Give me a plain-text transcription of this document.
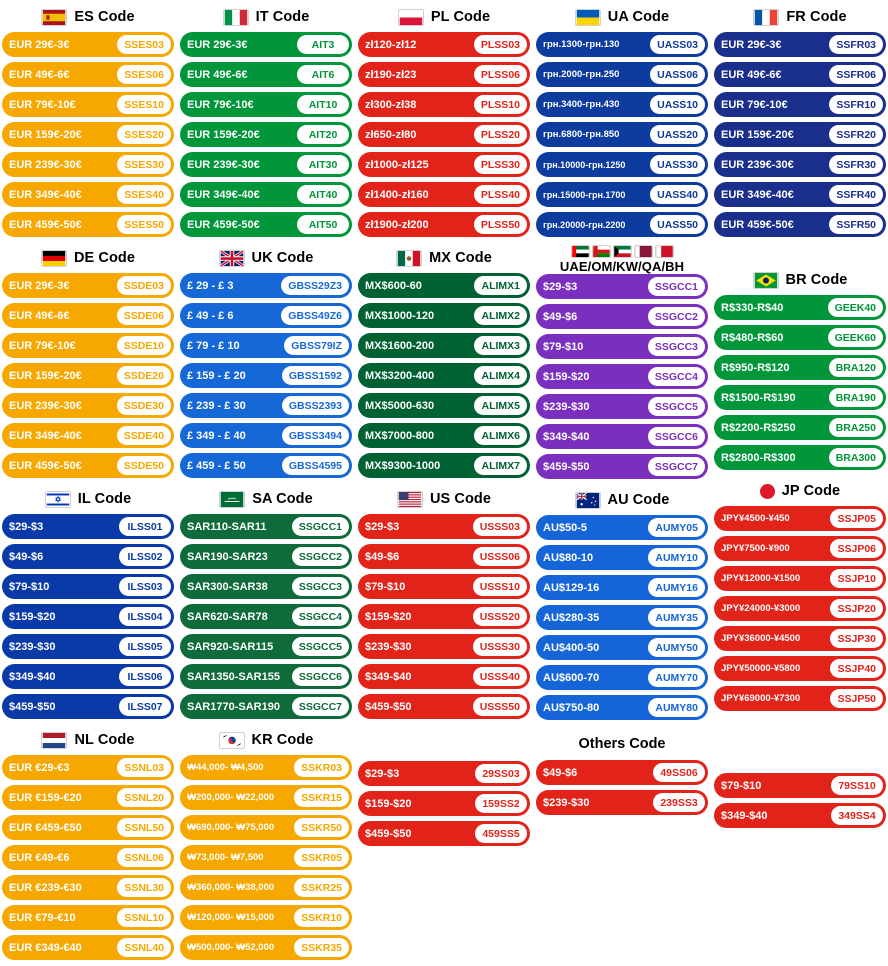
ES Code
EUR 29€-3€	SSES03
EUR 49€-6€	SSES06
EUR 79€-10€	SSES10
EUR 159€-20€	SSES20
EUR 239€-30€	SSES30
EUR 349€-40€	SSES40
EUR 459€-50€	SSES50
DE Code
EUR 29€-3€	SSDE03
EUR 49€-6€	SSDE06
EUR 79€-10€	SSDE10
EUR 159€-20€	SSDE20
EUR 239€-30€	SSDE30
EUR 349€-40€	SSDE40
EUR 459€-50€	SSDE50
IL Code
$29-$3	ILSS01
$49-$6	ILSS02
$79-$10	ILSS03
$159-$20	ILSS04
$239-$30	ILSS05
$349-$40	ILSS06
$459-$50	ILSS07
NL Code
EUR €29-€3	SSNL03
EUR €159-€20	SSNL20
EUR €459-€50	SSNL50
EUR €49-€6	SSNL06
EUR €239-€30	SSNL30
EUR €79-€10	SSNL10
EUR €349-€40	SSNL40
IT Code
EUR 29€-3€	AIT3
EUR 49€-6€	AIT6
EUR 79€-10€	AIT10
EUR 159€-20€	AIT20
EUR 239€-30€	AIT30
EUR 349€-40€	AIT40
EUR 459€-50€	AIT50
UK Code
£ 29 - £ 3	GBSS29Z3
£ 49 - £ 6	GBSS49Z6
£ 79 - £ 10	GBSS79IZ
£ 159 - £ 20	GBSS1592
£ 239 - £ 30	GBSS2393
£ 349 - £ 40	GBSS3494
£ 459 - £ 50	GBSS4595
بسم SA Code
SAR110-SAR11	SSGCC1
SAR190-SAR23	SSGCC2
SAR300-SAR38	SSGCC3
SAR620-SAR78	SSGCC4
SAR920-SAR115	SSGCC5
SAR1350-SAR155	SSGCC6
SAR1770-SAR190	SSGCC7
KR Code
₩44,000- ₩4,500	SSKR03
₩200,000- ₩22,000	SSKR15
₩690,000- ₩75,000	SSKR50
₩73,000- ₩7,500	SSKR05
₩360,000- ₩38,000	SSKR25
₩120,000- ₩15,000	SSKR10
₩500,000- ₩52,000	SSKR35
PL Code
zł120-zł12	PLSS03
zł190-zł23	PLSS06
zł300-zł38	PLSS10
zł650-zł80	PLSS20
zł1000-zł125	PLSS30
zł1400-zł160	PLSS40
zł1900-zł200	PLSS50
MX Code
MX$600-60	ALIMX1
MX$1000-120	ALIMX2
MX$1600-200	ALIMX3
MX$3200-400	ALIMX4
MX$5000-630	ALIMX5
MX$7000-800	ALIMX6
MX$9300-1000	ALIMX7
US Code
$29-$3	USSS03
$49-$6	USSS06
$79-$10	USSS10
$159-$20	USSS20
$239-$30	USSS30
$349-$40	USSS40
$459-$50	USSS50
$29-$3	29SS03
$159-$20	159SS2
$459-$50	459SS5
UA Code
грн.1300-грн.130	UASS03
грн.2000-грн.250	UASS06
грн.3400-грн.430	UASS10
грн.6800-грн.850	UASS20
грн.10000-грн.1250	UASS30
грн.15000-грн.1700	UASS40
грн.20000-грн.2200	UASS50
UAE/OM/KW/QA/BH
$29-$3	SSGCC1
$49-$6	SSGCC2
$79-$10	SSGCC3
$159-$20	SSGCC4
$239-$30	SSGCC5
$349-$40	SSGCC6
$459-$50	SSGCC7
AU Code
AU$50-5	AUMY05
AU$80-10	AUMY10
AU$129-16	AUMY16
AU$280-35	AUMY35
AU$400-50	AUMY50
AU$600-70	AUMY70
AU$750-80	AUMY80
Others Code
$49-$6	49SS06
$239-$30	239SS3
FR Code
EUR 29€-3€	SSFR03
EUR 49€-6€	SSFR06
EUR 79€-10€	SSFR10
EUR 159€-20€	SSFR20
EUR 239€-30€	SSFR30
EUR 349€-40€	SSFR40
EUR 459€-50€	SSFR50
BR Code
R$330-R$40	GEEK40
R$480-R$60	GEEK60
R$950-R$120	BRA120
R$1500-R$190	BRA190
R$2200-R$250	BRA250
R$2800-R$300	BRA300
JP Code
JPY¥4500-¥450	SSJP05
JPY¥7500-¥900	SSJP06
JPY¥12000-¥1500	SSJP10
JPY¥24000-¥3000	SSJP20
JPY¥36000-¥4500	SSJP30
JPY¥50000-¥5800	SSJP40
JPY¥69000-¥7300	SSJP50
$79-$10	79SS10
$349-$40	349SS4
